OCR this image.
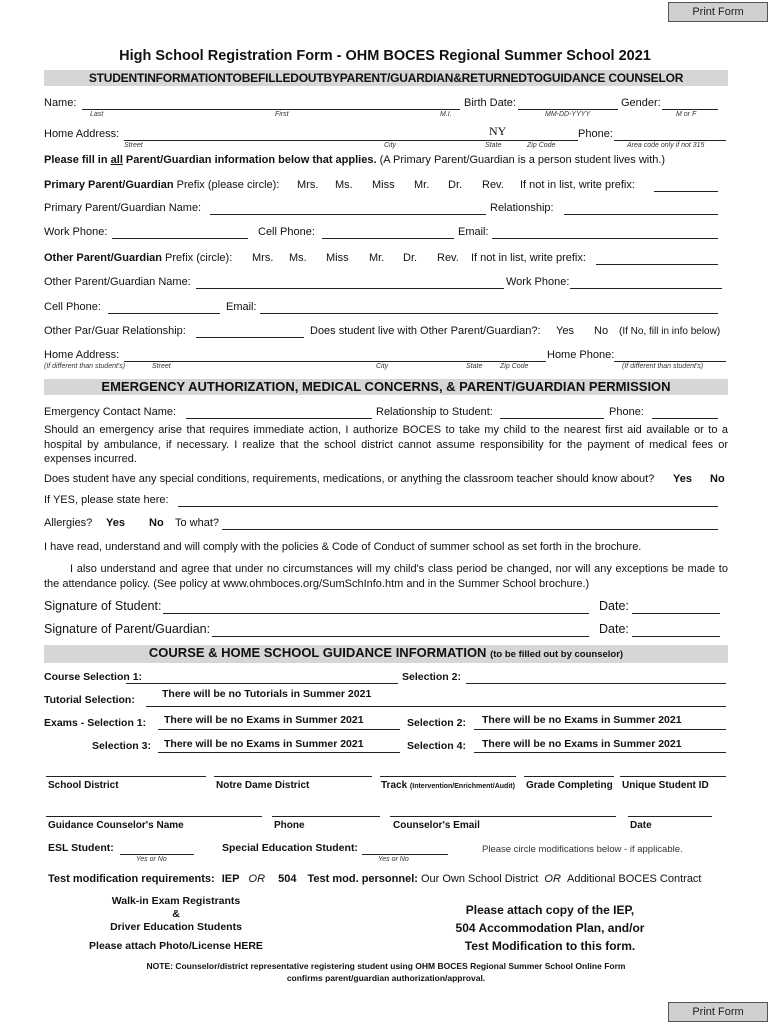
Print Form
High School Registration Form - OHM BOCES Regional Summer School 2021
STUDENTINFORMATIONTOBEFILLEDOUTBYPARENT/GUARDIAN&RETURNEDTOGUIDANCE COUNSELOR
Name:
Last	First	M.I.
Birth Date:
MM-DD-YYYY
Gender:
M or F
Home Address:	NY
Street	City	State	Zip Code
Phone:
Area code only if not 315
Please fill in all Parent/Guardian information below that applies. (A Primary Parent/Guardian is a person student lives with.)
Primary Parent/Guardian Prefix (please circle): Mrs. Ms. Miss Mr. Dr. Rev. If not in list, write prefix:
Primary Parent/Guardian Name:	Relationship:
Work Phone:	Cell Phone:	Email:
Other Parent/Guardian Prefix (circle): Mrs. Ms. Miss Mr. Dr. Rev. If not in list, write prefix:
Other Parent/Guardian Name:	Work Phone:
Cell Phone:	Email:
Other Par/Guar Relationship:	Does student live with Other Parent/Guardian?: Yes No (If No, fill in info below)
Home Address:
(If different than student's)	Street	City	State	Zip Code
Home Phone:
(If different than student's)
EMERGENCY AUTHORIZATION, MEDICAL CONCERNS, & PARENT/GUARDIAN PERMISSION
Emergency Contact Name:	Relationship to Student:	Phone:
Should an emergency arise that requires immediate action, I authorize BOCES to take my child to the nearest first aid available or to a hospital by ambulance, if necessary. I realize that the school district cannot assume responsibility for the payment of medical fees or expenses incurred.
Does student have any special conditions, requirements, medications, or anything the classroom teacher should know about? Yes No
If YES, please state here:
Allergies? Yes No To what?
I have read, understand and will comply with the policies & Code of Conduct of summer school as set forth in the brochure.
I also understand and agree that under no circumstances will my child's class period be changed, nor will any exceptions be made to the attendance policy. (See policy at www.ohmboces.org/SumSchInfo.htm and in the Summer School brochure.)
Signature of Student:	Date:
Signature of Parent/Guardian:	Date:
COURSE & HOME SCHOOL GUIDANCE INFORMATION (to be filled out by counselor)
Course Selection 1:	Selection 2:
Tutorial Selection:	There will be no Tutorials in Summer 2021
Exams - Selection 1: There will be no Exams in Summer 2021	Selection 2: There will be no Exams in Summer 2021
Selection 3: There will be no Exams in Summer 2021	Selection 4: There will be no Exams in Summer 2021
School District	Notre Dame District	Track (Intervention/Enrichment/Audit) Grade Completing Unique Student ID
Guidance Counselor's Name	Phone	Counselor's Email	Date
ESL Student:
Yes or No
Special Education Student:
Yes or No
Please circle modifications below - if applicable.
Test modification requirements: IEP OR 504 Test mod. personnel: Our Own School District OR Additional BOCES Contract
Walk-in Exam Registrants
&
Driver Education Students
Please attach Photo/License HERE
Please attach copy of the IEP,
504 Accommodation Plan, and/or
Test Modification to this form.
NOTE: Counselor/district representative registering student using OHM BOCES Regional Summer School Online Form
confirms parent/guardian authorization/approval.
Print Form
